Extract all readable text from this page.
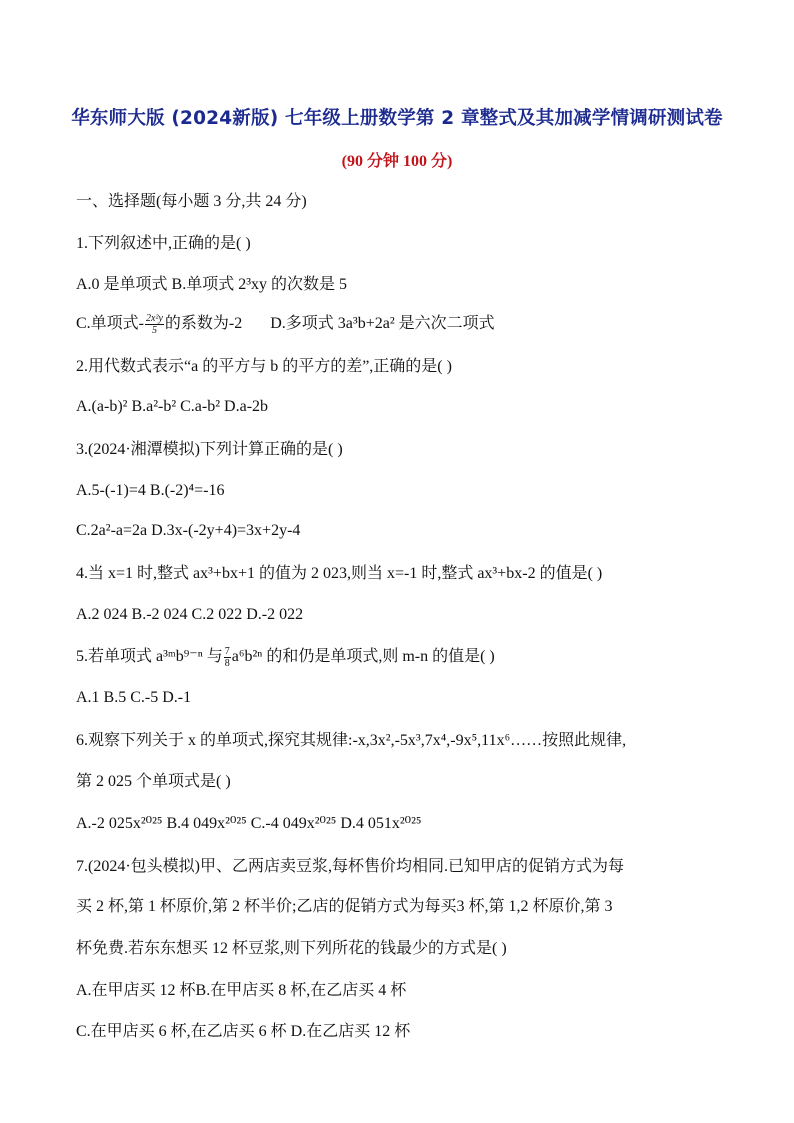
华东师大版 (2024新版) 七年级上册数学第 2 章整式及其加减学情调研测试卷
(90 分钟 100 分)
一、选择题(每小题 3 分,共 24 分)
1.下列叙述中,正确的是( )
A.0 是单项式 B.单项式 2³xy 的次数是 5
C.单项式- $\frac{\text{2x²y}}{5}$ 的系数为-2 D.多项式 3a³b+2a² 是六次二项式
2.用代数式表示“a 的平方与 b 的平方的差”,正确的是( )
A.(a-b)² B.a²-b² C.a-b² D.a-2b
3.(2024·湘潭模拟)下列计算正确的是( )
A.5-(-1)=4 B.(-2)⁴=-16
C.2a²-a=2a D.3x-(-2y+4)=3x+2y-4
4.当 x=1 时,整式 ax³+bx+1 的值为 2 023,则当 x=-1 时,整式 ax³+bx-2 的值是( )
A.2 024 B.-2 024 C.2 022 D.-2 022
5.若单项式 a³ᵐb⁹⁻ⁿ 与 $\frac{7}{8} a^6b^{2n}$ 的和仍是单项式,则 m-n 的值是( )
A.1 B.5 C.-5 D.-1
6.观察下列关于 x 的单项式,探究其规律:-x,3x²,-5x³,7x⁴,-9x⁵,11x⁶……按照此规律,
第 2 025 个单项式是( )
A.-2 025x²⁰²⁵ B.4 049x²⁰²⁵ C.-4 049x²⁰²⁵ D.4 051x²⁰²⁵
7.(2024·包头模拟)甲、乙两店卖豆浆,每杯售价均相同.已知甲店的促销方式为每
买 2 杯,第 1 杯原价,第 2 杯半价;乙店的促销方式为每买3 杯,第 1,2 杯原价,第 3
杯免费.若东东想买 12 杯豆浆,则下列所花的钱最少的方式是( )
A.在甲店买 12 杯B.在甲店买 8 杯,在乙店买 4 杯
C.在甲店买 6 杯,在乙店买 6 杯 D.在乙店买 12 杯
